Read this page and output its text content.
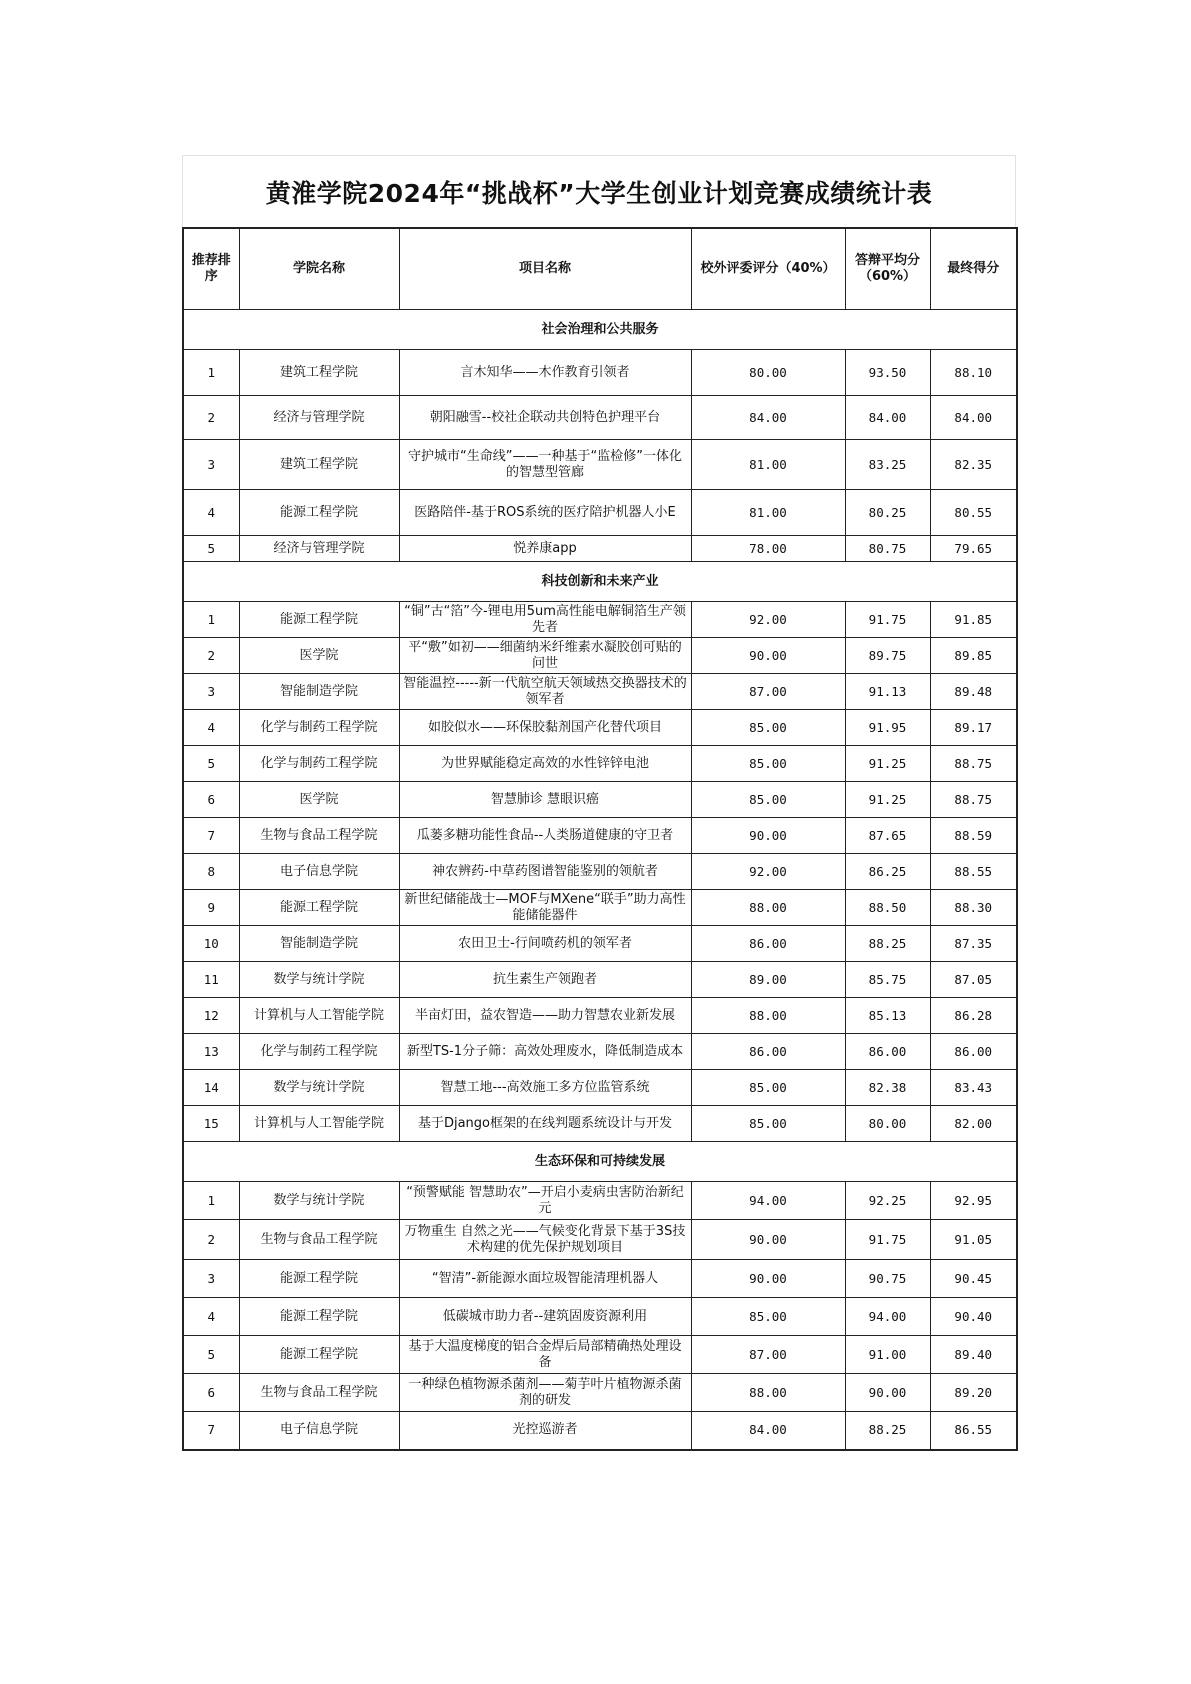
黄淮学院2024年“挑战杯”大学生创业计划竞赛成绩统计表
推荐排序	学院名称	项目名称	校外评委评分（40%）	答辩平均分（60%）	最终得分
社会治理和公共服务					
1	建筑工程学院	言木知华——木作教育引领者	80.00	93.50	88.10
2	经济与管理学院	朝阳融雪--校社企联动共创特色护理平台	84.00	84.00	84.00
3	建筑工程学院	守护城市“生命线”——一种基于“监检修”一体化的智慧型管廊	81.00	83.25	82.35
4	能源工程学院	医路陪伴-基于ROS系统的医疗陪护机器人小E	81.00	80.25	80.55
5	经济与管理学院	悦养康app	78.00	80.75	79.65
科技创新和未来产业					
1	能源工程学院	“铜”古“箔”今-锂电用5um高性能电解铜箔生产领先者	92.00	91.75	91.85
2	医学院	平“敷”如初——细菌纳米纤维素水凝胶创可贴的问世	90.00	89.75	89.85
3	智能制造学院	智能温控-----新一代航空航天领域热交换器技术的领军者	87.00	91.13	89.48
4	化学与制药工程学院	如胶似水——环保胶黏剂国产化替代项目	85.00	91.95	89.17
5	化学与制药工程学院	为世界赋能稳定高效的水性锌锌电池	85.00	91.25	88.75
6	医学院	智慧肺诊 慧眼识癌	85.00	91.25	88.75
7	生物与食品工程学院	瓜蒌多糖功能性食品--人类肠道健康的守卫者	90.00	87.65	88.59
8	电子信息学院	神农辨药-中草药图谱智能鉴别的领航者	92.00	86.25	88.55
9	能源工程学院	新世纪储能战士—MOF与MXene“联手”助力高性能储能器件	88.00	88.50	88.30
10	智能制造学院	农田卫士-行间喷药机的领军者	86.00	88.25	87.35
11	数学与统计学院	抗生素生产领跑者	89.00	85.75	87.05
12	计算机与人工智能学院	半亩灯田，益农智造——助力智慧农业新发展	88.00	85.13	86.28
13	化学与制药工程学院	新型TS-1分子筛：高效处理废水，降低制造成本	86.00	86.00	86.00
14	数学与统计学院	智慧工地---高效施工多方位监管系统	85.00	82.38	83.43
15	计算机与人工智能学院	基于Django框架的在线判题系统设计与开发	85.00	80.00	82.00
生态环保和可持续发展					
1	数学与统计学院	“预警赋能 智慧助农”—开启小麦病虫害防治新纪元	94.00	92.25	92.95
2	生物与食品工程学院	万物重生 自然之光——气候变化背景下基于3S技术构建的优先保护规划项目	90.00	91.75	91.05
3	能源工程学院	“智清”-新能源水面垃圾智能清理机器人	90.00	90.75	90.45
4	能源工程学院	低碳城市助力者--建筑固废资源利用	85.00	94.00	90.40
5	能源工程学院	基于大温度梯度的铝合金焊后局部精确热处理设备	87.00	91.00	89.40
6	生物与食品工程学院	一种绿色植物源杀菌剂——菊芋叶片植物源杀菌剂的研发	88.00	90.00	89.20
7	电子信息学院	光控巡游者	84.00	88.25	86.55
